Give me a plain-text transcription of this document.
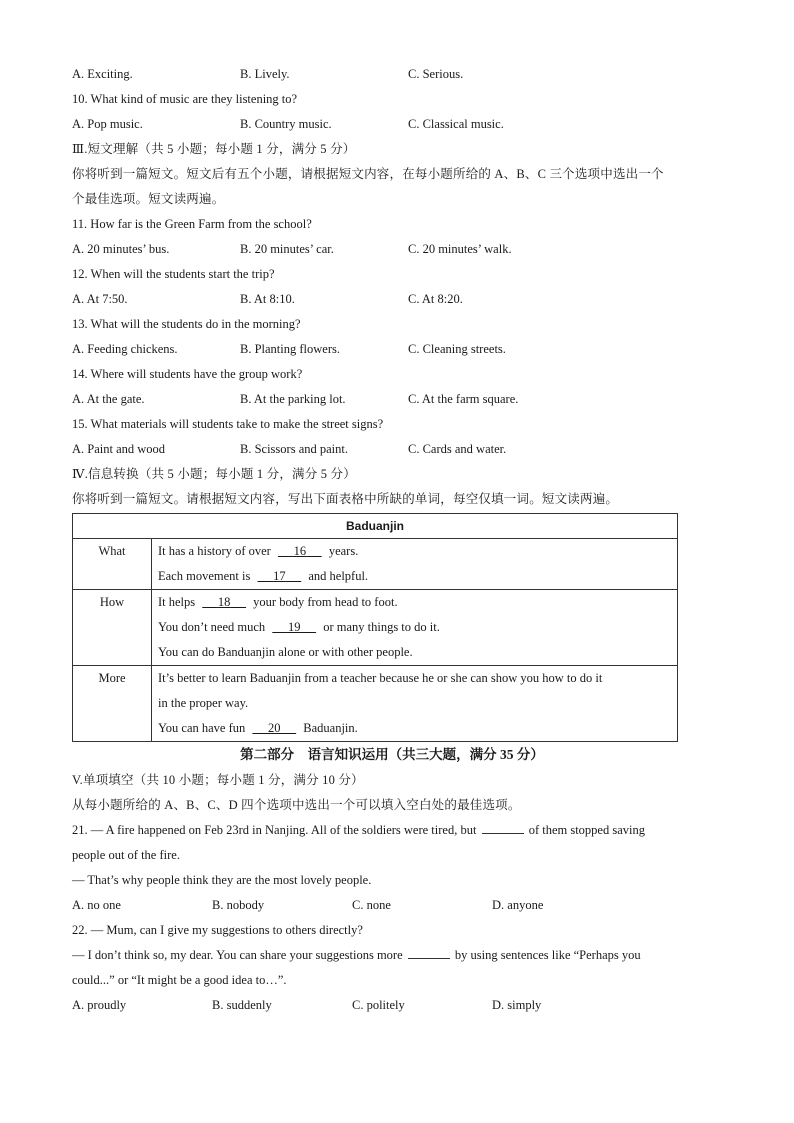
A. Exciting.	B. Lively.	C. Serious.
10. What kind of music are they listening to?
A. Pop music.	B. Country music.	C. Classical music.
Ⅲ.短文理解（共 5 小题；每小题 1 分，满分 5 分）
你将听到一篇短文。短文后有五个小题，请根据短文内容，在每小题所给的 A、B、C 三个选项中选出一个
个最佳选项。短文读两遍。
11. How far is the Green Farm from the school?
A. 20 minutes’ bus.	B. 20 minutes’ car.	C. 20 minutes’ walk.
12. When will the students start the trip?
A. At 7:50.	B. At 8:10.	C. At 8:20.
13. What will the students do in the morning?
A. Feeding chickens.	B. Planting flowers.	C. Cleaning streets.
14. Where will students have the group work?
A. At the gate.	B. At the parking lot.	C. At the farm square.
15. What materials will students take to make the street signs?
A. Paint and wood	B. Scissors and paint.	C. Cards and water.
Ⅳ.信息转换（共 5 小题；每小题 1 分，满分 5 分）
你将听到一篇短文。请根据短文内容，写出下面表格中所缺的单词，每空仅填一词。短文读两遍。
Baduanjin	

What	It has a history of over 16 years.
Each movement is 17 and helpful.

How	It helps 18 your body from head to foot.
You don’t need much 19 or many things to do it.
You can do Banduanjin alone or with other people.

More	It’s better to learn Baduanjin from a teacher because he or she can show you how to do it
in the proper way.
You can have fun 20 Baduanjin.
第二部分　语言知识运用（共三大题，满分 35 分）
V.单项填空（共 10 小题；每小题 1 分，满分 10 分）
从每小题所给的 A、B、C、D 四个选项中选出一个可以填入空白处的最佳选项。
21. — A fire happened on Feb 23rd in Nanjing. All of the soldiers were tired, but	of them stopped saving
people out of the fire.
— That’s why people think they are the most lovely people.
A. no one	B. nobody	C. none	D. anyone
22. — Mum, can I give my suggestions to others directly?
— I don’t think so, my dear. You can share your suggestions more	by using sentences like “Perhaps you
could...” or “It might be a good idea to…”.
A. proudly	B. suddenly	C. politely	D. simply
